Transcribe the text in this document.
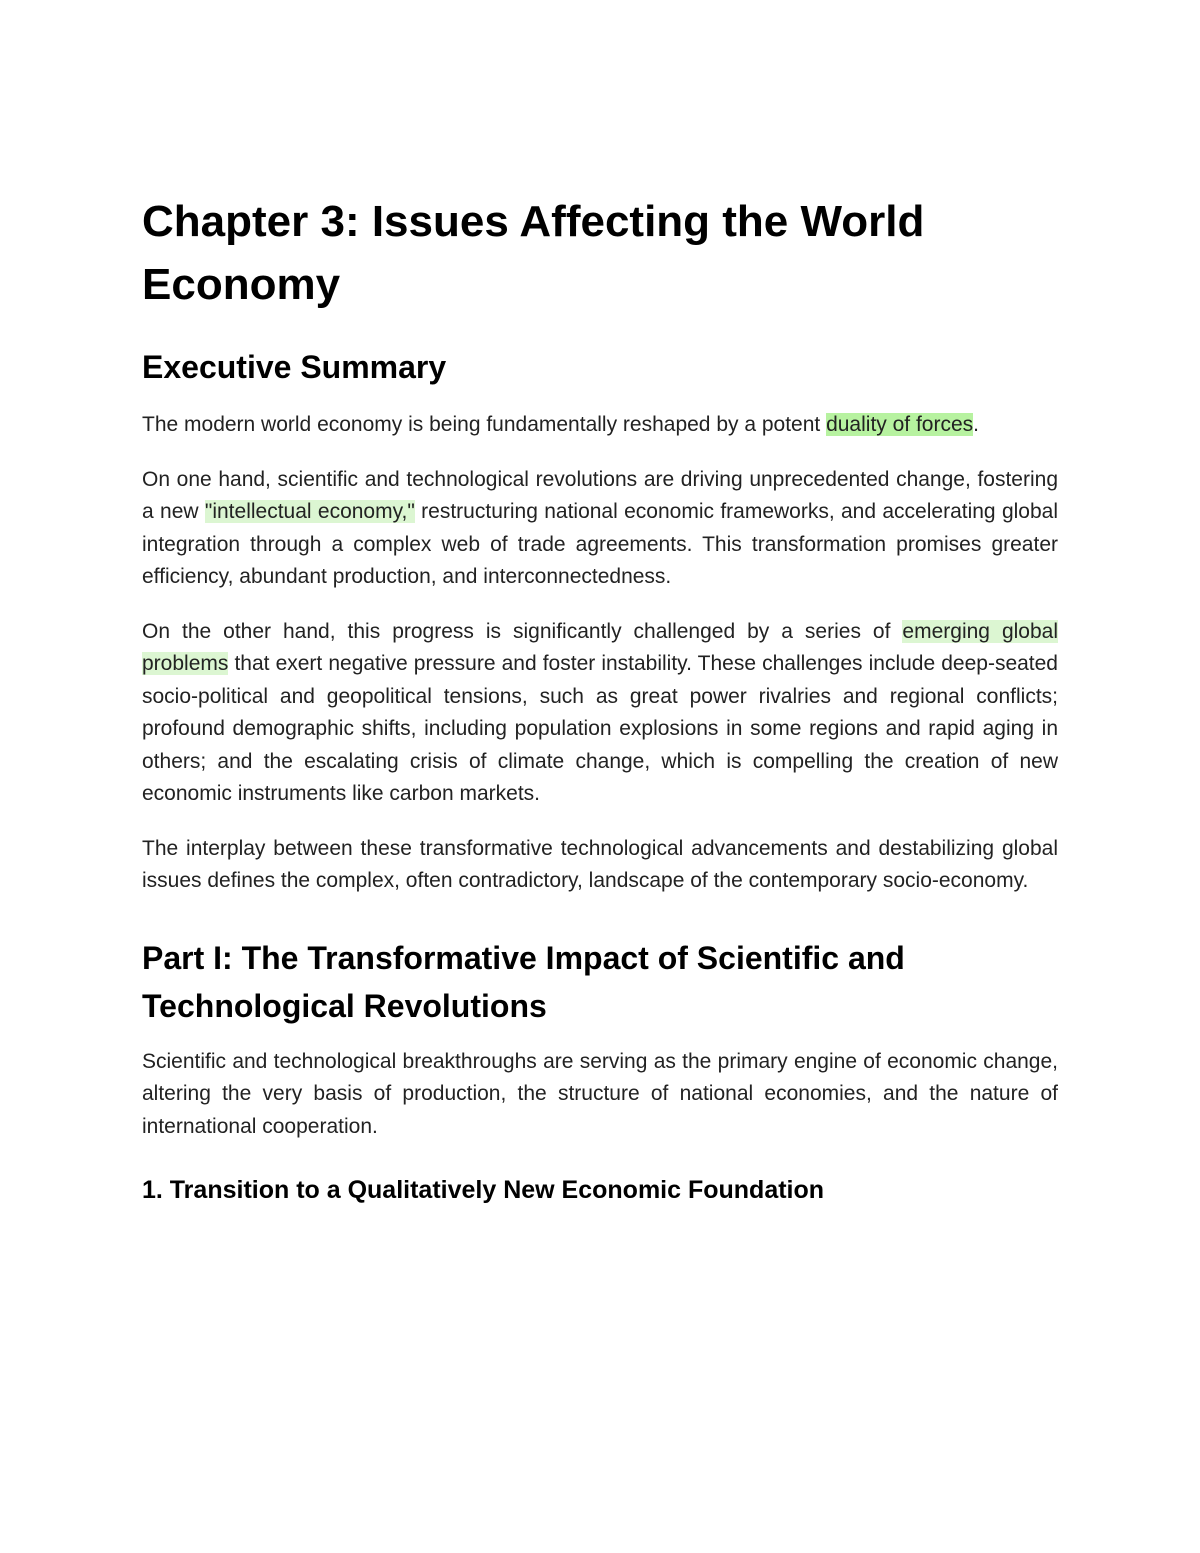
Chapter 3: Issues Affecting the World Economy
Executive Summary

The modern world economy is being fundamentally reshaped by a potent duality of forces.

On one hand, scientific and technological revolutions are driving unprecedented change, fostering a new "intellectual economy," restructuring national economic frameworks, and accelerating global integration through a complex web of trade agreements. This transformation promises greater efficiency, abundant production, and interconnectedness.

On the other hand, this progress is significantly challenged by a series of emerging global problems that exert negative pressure and foster instability. These challenges include deep-seated socio-political and geopolitical tensions, such as great power rivalries and regional conflicts; profound demographic shifts, including population explosions in some regions and rapid aging in others; and the escalating crisis of climate change, which is compelling the creation of new economic instruments like carbon markets.

The interplay between these transformative technological advancements and destabilizing global issues defines the complex, often contradictory, landscape of the contemporary socio-economy.

Part I: The Transformative Impact of Scientific and Technological Revolutions

Scientific and technological breakthroughs are serving as the primary engine of economic change, altering the very basis of production, the structure of national economies, and the nature of international cooperation.

1. Transition to a Qualitatively New Economic Foundation
